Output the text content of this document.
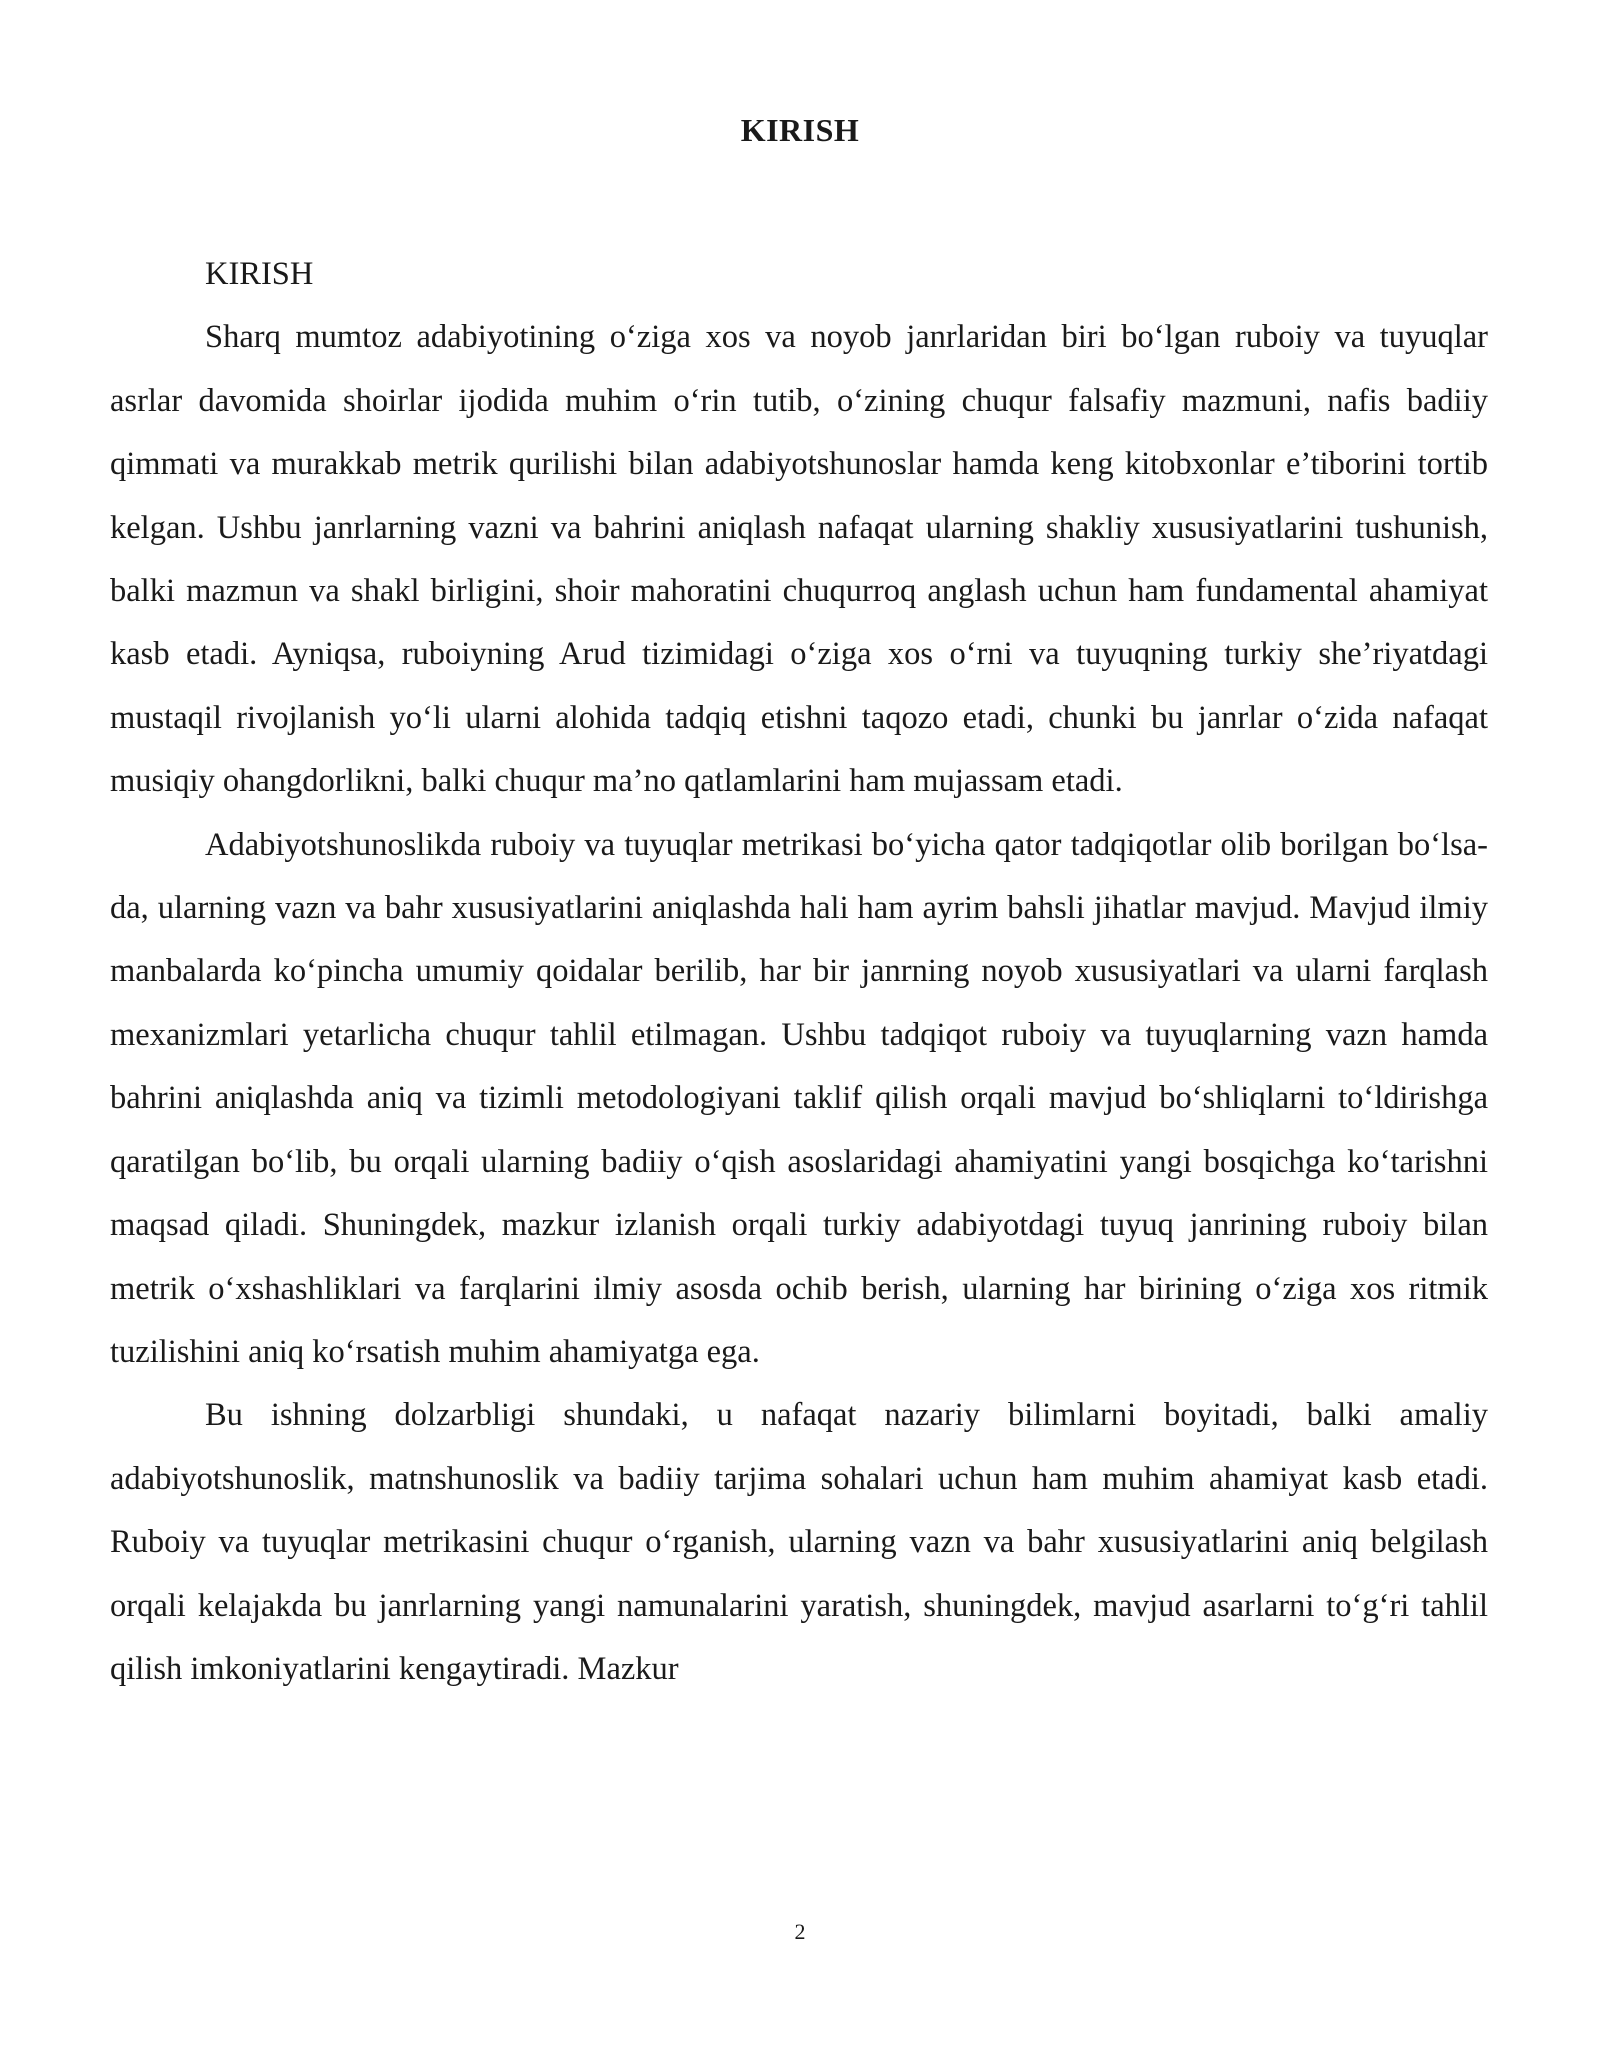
KIRISH

KIRISH

Sharq mumtoz adabiyotining o‘ziga xos va noyob janrlaridan biri bo‘lgan ruboiy va tuyuqlar asrlar davomida shoirlar ijodida muhim o‘rin tutib, o‘zining chuqur falsafiy mazmuni, nafis badiiy qimmati va murakkab metrik qurilishi bilan adabiyotshunoslar hamda keng kitobxonlar e’tiborini tortib kelgan. Ushbu janrlarning vazni va bahrini aniqlash nafaqat ularning shakliy xususiyatlarini tushunish, balki mazmun va shakl birligini, shoir mahoratini chuqurroq anglash uchun ham fundamental ahamiyat kasb etadi. Ayniqsa, ruboiyning Arud tizimidagi o‘ziga xos o‘rni va tuyuqning turkiy she’riyatdagi mustaqil rivojlanish yo‘li ularni alohida tadqiq etishni taqozo etadi, chunki bu janrlar o‘zida nafaqat musiqiy ohangdorlikni, balki chuqur ma’no qatlamlarini ham mujassam etadi.

Adabiyotshunoslikda ruboiy va tuyuqlar metrikasi bo‘yicha qator tadqiqotlar olib borilgan bo‘lsa-da, ularning vazn va bahr xususiyatlarini aniqlashda hali ham ayrim bahsli jihatlar mavjud. Mavjud ilmiy manbalarda ko‘pincha umumiy qoidalar berilib, har bir janrning noyob xususiyatlari va ularni farqlash mexanizmlari yetarlicha chuqur tahlil etilmagan. Ushbu tadqiqot ruboiy va tuyuqlarning vazn hamda bahrini aniqlashda aniq va tizimli metodologiyani taklif qilish orqali mavjud bo‘shliqlarni to‘ldirishga qaratilgan bo‘lib, bu orqali ularning badiiy o‘qish asoslaridagi ahamiyatini yangi bosqichga ko‘tarishni maqsad qiladi. Shuningdek, mazkur izlanish orqali turkiy adabiyotdagi tuyuq janrining ruboiy bilan metrik o‘xshashliklari va farqlarini ilmiy asosda ochib berish, ularning har birining o‘ziga xos ritmik tuzilishini aniq ko‘rsatish muhim ahamiyatga ega.

Bu ishning dolzarbligi shundaki, u nafaqat nazariy bilimlarni boyitadi, balki amaliy adabiyotshunoslik, matnshunoslik va badiiy tarjima sohalari uchun ham muhim ahamiyat kasb etadi. Ruboiy va tuyuqlar metrikasini chuqur o‘rganish, ularning vazn va bahr xususiyatlarini aniq belgilash orqali kelajakda bu janrlarning yangi namunalarini yaratish, shuningdek, mavjud asarlarni to‘g‘ri tahlil qilish imkoniyatlarini kengaytiradi. Mazkur

2
